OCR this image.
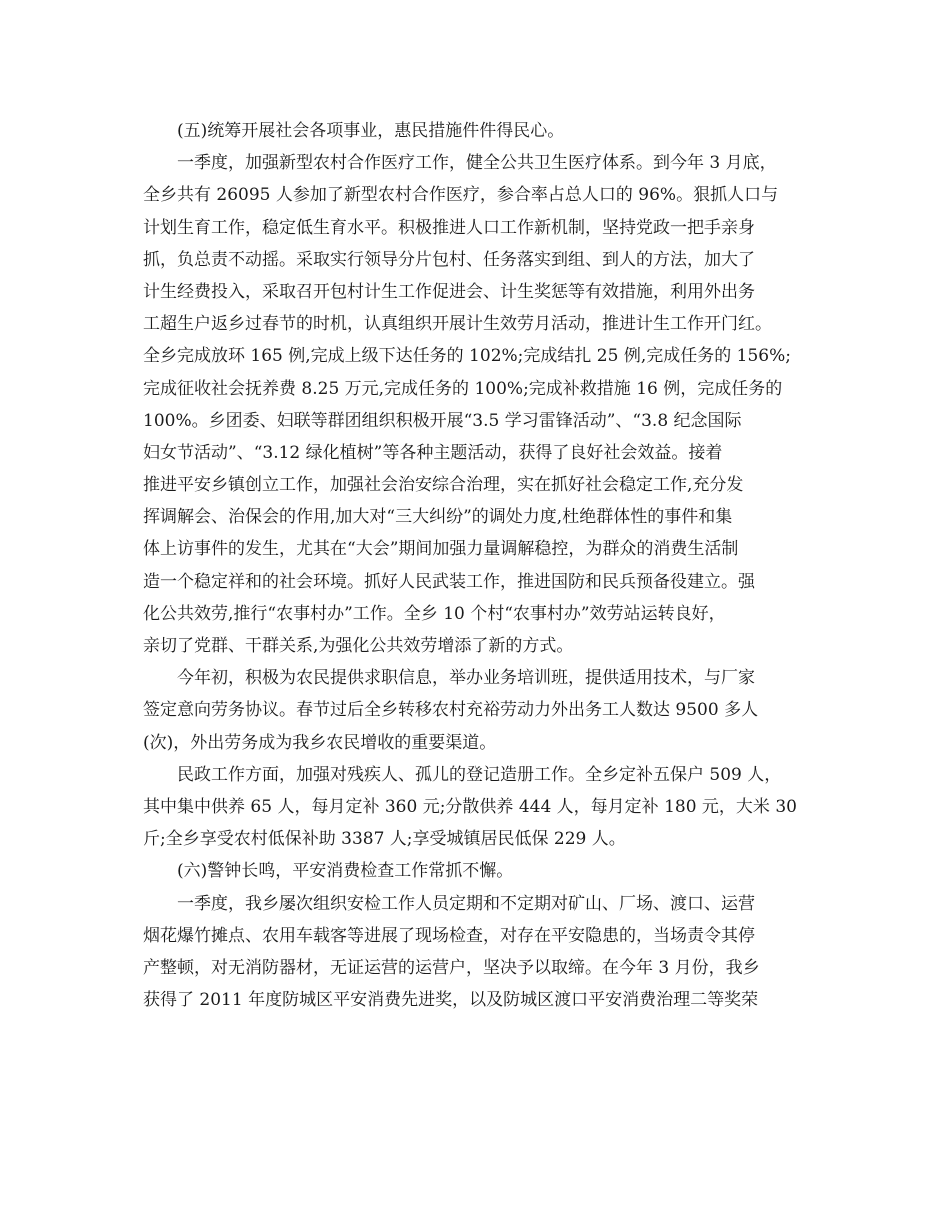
(五)统筹开展社会各项事业，惠民措施件件得民心。
一季度，加强新型农村合作医疗工作，健全公共卫生医疗体系。到今年 3 月底，
全乡共有 26095 人参加了新型农村合作医疗，参合率占总人口的 96%。狠抓人口与
计划生育工作，稳定低生育水平。积极推进人口工作新机制，坚持党政一把手亲身
抓，负总责不动摇。采取实行领导分片包村、任务落实到组、到人的方法，加大了
计生经费投入，采取召开包村计生工作促进会、计生奖惩等有效措施，利用外出务
工超生户返乡过春节的时机，认真组织开展计生效劳月活动，推进计生工作开门红。
全乡完成放环 165 例,完成上级下达任务的 102%;完成结扎 25 例,完成任务的 156%;
完成征收社会抚养费 8.25 万元,完成任务的 100%;完成补救措施 16 例，完成任务的
100%。乡团委、妇联等群团组织积极开展“3.5 学习雷锋活动”、“3.8 纪念国际
妇女节活动”、“3.12 绿化植树”等各种主题活动，获得了良好社会效益。接着
推进平安乡镇创立工作，加强社会治安综合治理，实在抓好社会稳定工作,充分发
挥调解会、治保会的作用,加大对“三大纠纷”的调处力度,杜绝群体性的事件和集
体上访事件的发生，尤其在“大会”期间加强力量调解稳控，为群众的消费生活制
造一个稳定祥和的社会环境。抓好人民武装工作，推进国防和民兵预备役建立。强
化公共效劳,推行“农事村办”工作。全乡 10 个村“农事村办”效劳站运转良好，
亲切了党群、干群关系,为强化公共效劳增添了新的方式。
今年初，积极为农民提供求职信息，举办业务培训班，提供适用技术，与厂家
签定意向劳务协议。春节过后全乡转移农村充裕劳动力外出务工人数达 9500 多人
(次)，外出劳务成为我乡农民增收的重要渠道。
民政工作方面，加强对残疾人、孤儿的登记造册工作。全乡定补五保户 509 人，
其中集中供养 65 人，每月定补 360 元;分散供养 444 人，每月定补 180 元，大米 30
斤;全乡享受农村低保补助 3387 人;享受城镇居民低保 229 人。
(六)警钟长鸣，平安消费检查工作常抓不懈。
一季度，我乡屡次组织安检工作人员定期和不定期对矿山、厂场、渡口、运营
烟花爆竹摊点、农用车载客等进展了现场检查，对存在平安隐患的，当场责令其停
产整顿，对无消防器材，无证运营的运营户，坚决予以取缔。在今年 3 月份，我乡
获得了 2011 年度防城区平安消费先进奖，以及防城区渡口平安消费治理二等奖荣
